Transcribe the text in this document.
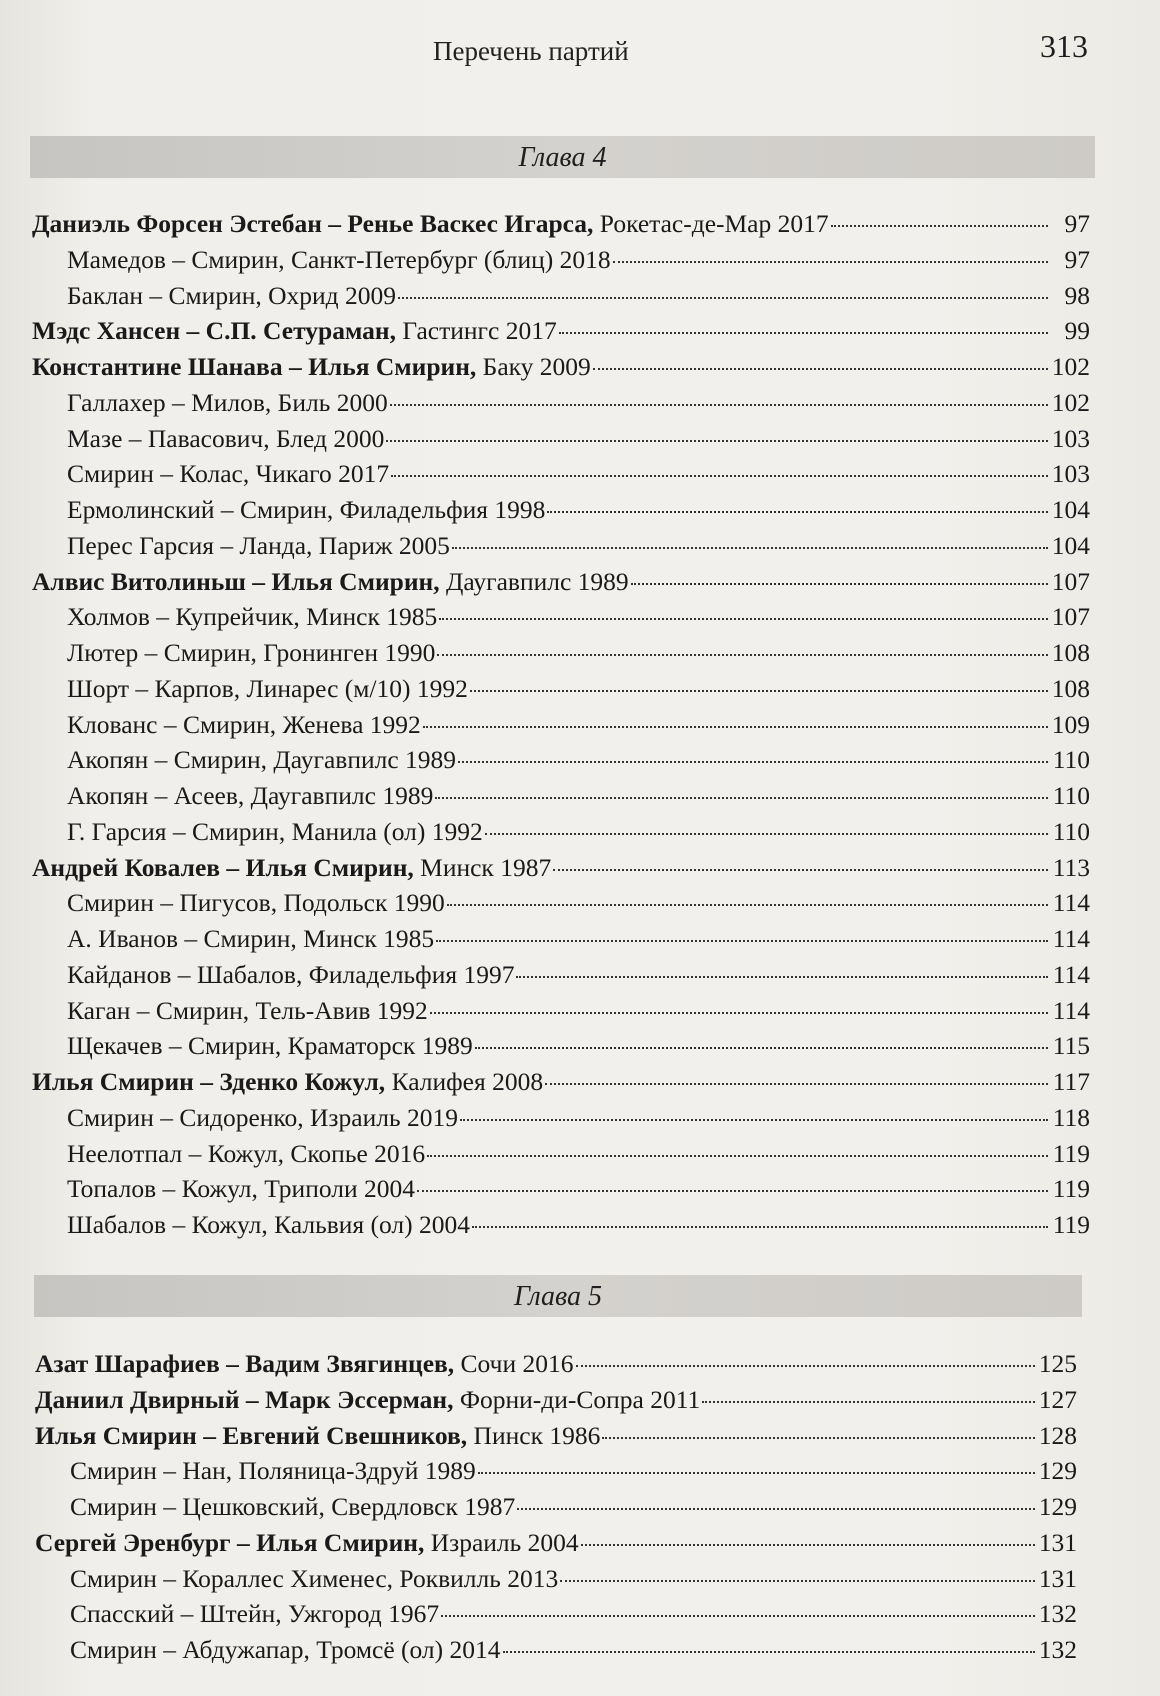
Перечень партий	313
Глава 4
Даниэль Форсен Эстебан – Ренье Васкес Игарса, Рокетас-де-Мар 2017	97
Мамедов – Смирин, Санкт-Петербург (блиц) 2018	97
Баклан – Смирин, Охрид 2009	98
Мэдс Хансен – С.П. Сетураман, Гастингс 2017	99
Константине Шанава – Илья Смирин, Баку 2009	102
Галлахер – Милов, Биль 2000	102
Мазе – Павасович, Блед 2000	103
Смирин – Колас, Чикаго 2017	103
Ермолинский – Смирин, Филадельфия 1998	104
Перес Гарсия – Ланда, Париж 2005	104
Алвис Витолиньш – Илья Смирин, Даугавпилс 1989	107
Холмов – Купрейчик, Минск 1985	107
Лютер – Смирин, Гронинген 1990	108
Шорт – Карпов, Линарес (м/10) 1992	108
Клованс – Смирин, Женева 1992	109
Акопян – Смирин, Даугавпилс 1989	110
Акопян – Асеев, Даугавпилс 1989	110
Г. Гарсия – Смирин, Манила (ол) 1992	110
Андрей Ковалев – Илья Смирин, Минск 1987	113
Смирин – Пигусов, Подольск 1990	114
А. Иванов – Смирин, Минск 1985	114
Кайданов – Шабалов, Филадельфия 1997	114
Каган – Смирин, Тель-Авив 1992	114
Щекачев – Смирин, Краматорск 1989	115
Илья Смирин – Зденко Кожул, Калифея 2008	117
Смирин – Сидоренко, Израиль 2019	118
Неелотпал – Кожул, Скопье 2016	119
Топалов – Кожул, Триполи 2004	119
Шабалов – Кожул, Кальвия (ол) 2004	119
Глава 5
Азат Шарафиев – Вадим Звягинцев, Сочи 2016	125
Даниил Двирный – Марк Эссерман, Форни-ди-Сопра 2011	127
Илья Смирин – Евгений Свешников, Пинск 1986	128
Смирин – Нан, Поляница-Здруй 1989	129
Смирин – Цешковский, Свердловск 1987	129
Сергей Эренбург – Илья Смирин, Израиль 2004	131
Смирин – Кораллес Хименес, Роквилль 2013	131
Спасский – Штейн, Ужгород 1967	132
Смирин – Абдужапар, Тромсё (ол) 2014	132
